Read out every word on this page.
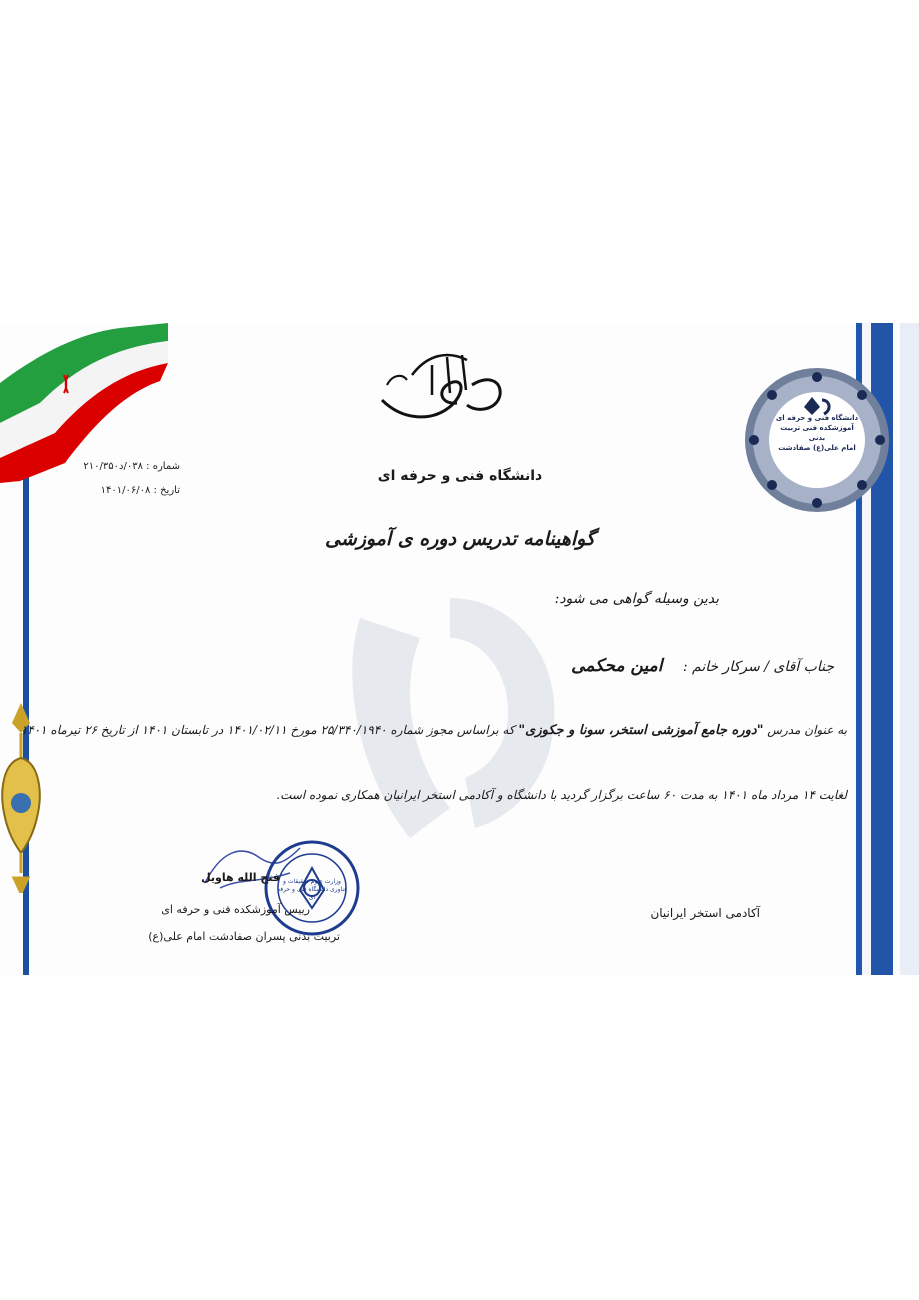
دانشگاه فنی و حرفه ای
آموزشکده فنی تربیت بدنی
امام علی(ع) صفادشت
شماره : ۰۳۸/د۲۱۰/۳۵۰
تاریخ : ۱۴۰۱/۰۶/۰۸
دانشگاه فنی و حرفه ای
گواهینامه تدریس دوره ی آموزشی
بدین وسیله گواهی می شود:
جناب آقای / سرکار خانم : امین محکمی
به عنوان مدرس "دوره جامع آموزشی استخر، سونا و جکوزی" که براساس مجوز شماره ۲۵/۳۴۰/۱۹۴۰ مورخ ۱۴۰۱/۰۲/۱۱ در تابستان ۱۴۰۱ از تاریخ ۲۶ تیرماه ۱۴۰۱
لغایت ۱۴ مرداد ماه ۱۴۰۱ به مدت ۶۰ ساعت برگزار گردید با دانشگاه و آکادمی استخر ایرانیان همکاری نموده است.
وزارت علوم تحقیقات و فناوری دانشگاه فنی و حرفه ای
فتح الله هاویل
رییس آموزشکده فنی و حرفه ای
تربیت بدنی پسران صفادشت امام علی(ع)
آکادمی استخر ایرانیان
